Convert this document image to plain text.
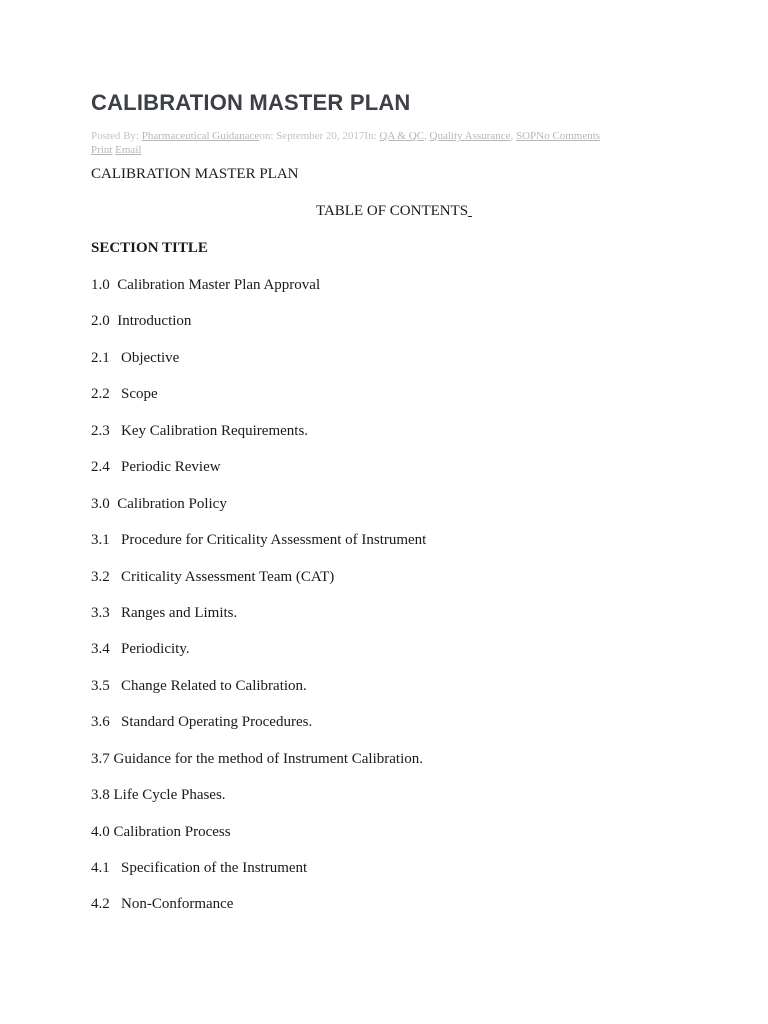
CALIBRATION MASTER PLAN
Posted By: Pharmaceutical Guidanaceon: September 20, 2017In: QA & QC, Quality Assurance, SOPNo Comments
Print Email

CALIBRATION MASTER PLAN

TABLE OF CONTENTS

SECTION TITLE

1.0  Calibration Master Plan Approval
2.0  Introduction
2.1   Objective
2.2   Scope
2.3   Key Calibration Requirements.
2.4   Periodic Review
3.0  Calibration Policy
3.1   Procedure for Criticality Assessment of Instrument
3.2   Criticality Assessment Team (CAT)
3.3   Ranges and Limits.
3.4   Periodicity.
3.5   Change Related to Calibration.
3.6   Standard Operating Procedures.
3.7 Guidance for the method of Instrument Calibration.
3.8 Life Cycle Phases.
4.0 Calibration Process
4.1   Specification of the Instrument
4.2   Non-Conformance
